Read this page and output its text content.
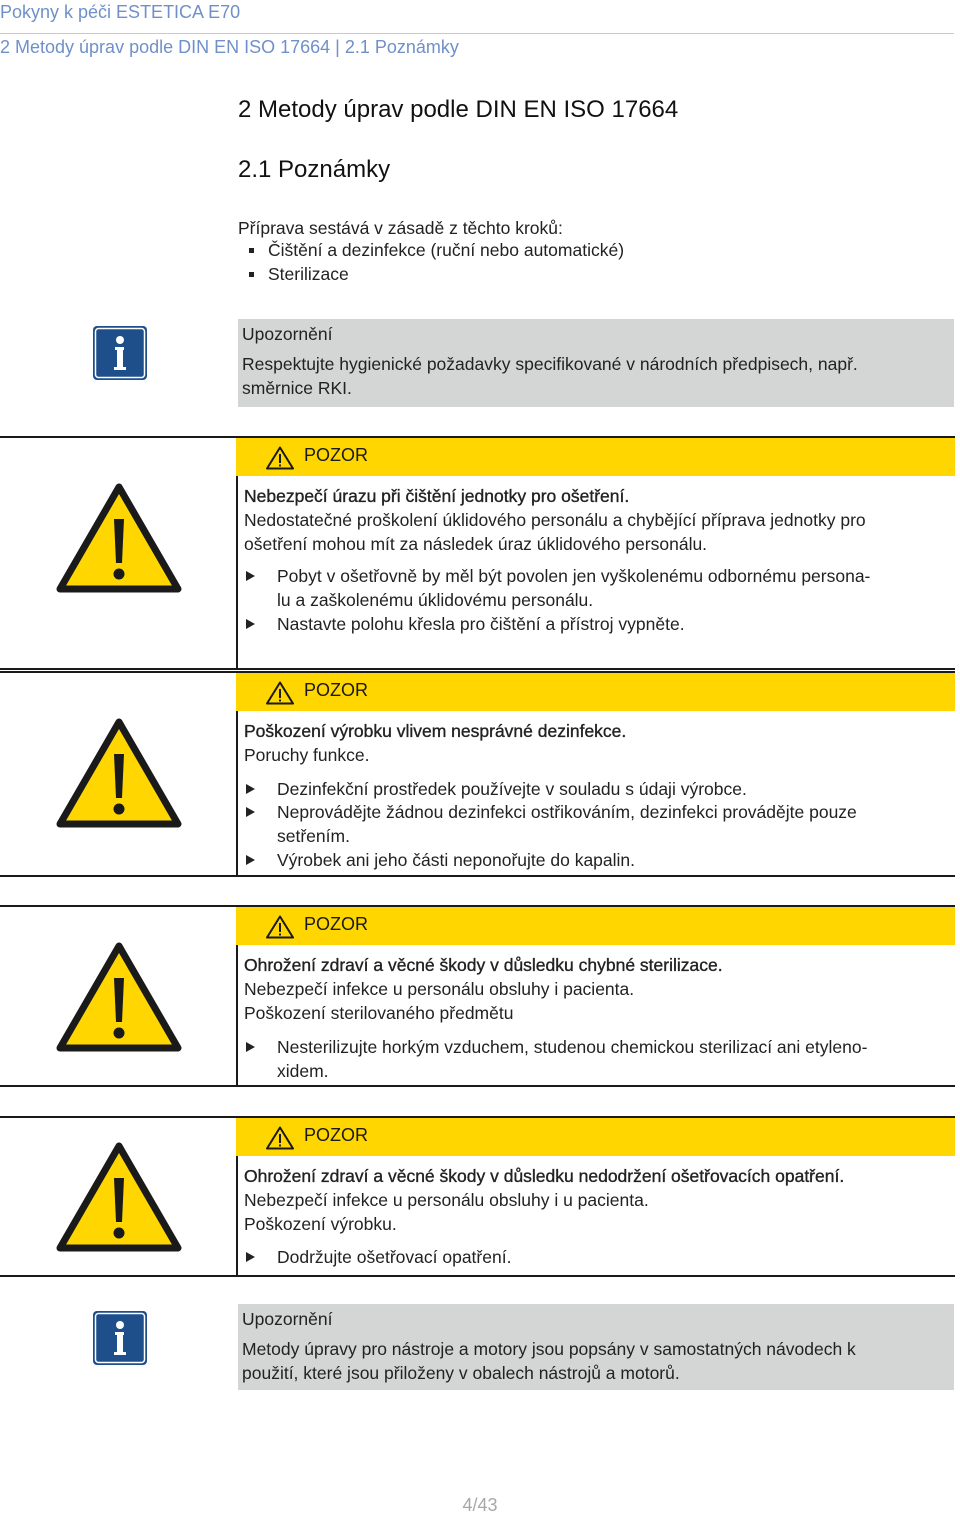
Pokyny k péči ESTETICA E70
2 Metody úprav podle DIN EN ISO 17664 | 2.1 Poznámky
2 Metody úprav podle DIN EN ISO 17664
2.1 Poznámky
Příprava sestává v zásadě z těchto kroků:
Čištění a dezinfekce (ruční nebo automatické)
Sterilizace
Upozornění
Respektujte hygienické požadavky specifikované v národních předpisech, např.
směrnice RKI.
POZOR
Nebezpečí úrazu při čištění jednotky pro ošetření.
Nedostatečné proškolení úklidového personálu a chybějící příprava jednotky pro
ošetření mohou mít za následek úraz úklidového personálu.
Pobyt v ošetřovně by měl být povolen jen vyškolenému odbornému persona-
lu a zaškolenému úklidovému personálu.
Nastavte polohu křesla pro čištění a přístroj vypněte.
POZOR
Poškození výrobku vlivem nesprávné dezinfekce.
Poruchy funkce.
Dezinfekční prostředek používejte v souladu s údaji výrobce.
Neprovádějte žádnou dezinfekci ostřikováním, dezinfekci provádějte pouze
setřením.
Výrobek ani jeho části neponořujte do kapalin.
POZOR
Ohrožení zdraví a věcné škody v důsledku chybné sterilizace.
Nebezpečí infekce u personálu obsluhy i pacienta.
Poškození sterilovaného předmětu
Nesterilizujte horkým vzduchem, studenou chemickou sterilizací ani etyleno-
xidem.
POZOR
Ohrožení zdraví a věcné škody v důsledku nedodržení ošetřovacích opatření.
Nebezpečí infekce u personálu obsluhy i u pacienta.
Poškození výrobku.
Dodržujte ošetřovací opatření.
Upozornění
Metody úpravy pro nástroje a motory jsou popsány v samostatných návodech k
použití, které jsou přiloženy v obalech nástrojů a motorů.
4/43
